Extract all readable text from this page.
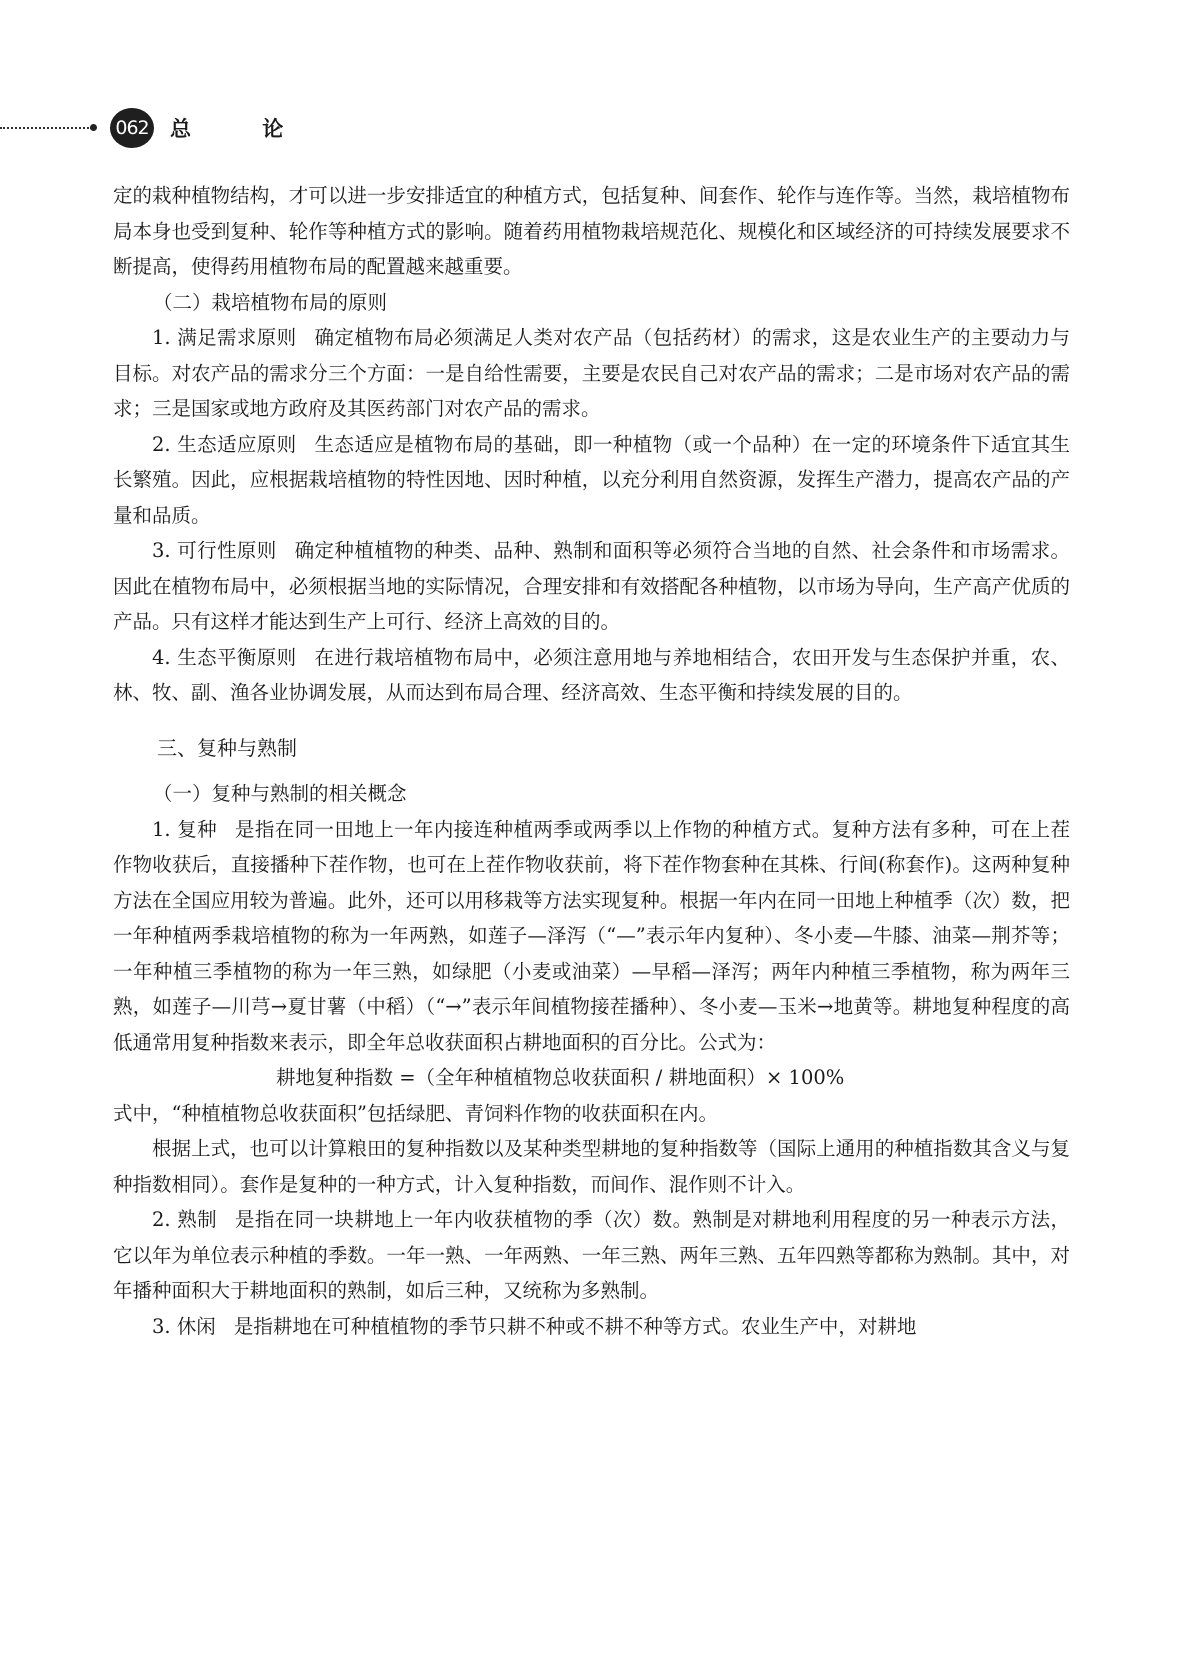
062 总 论

定的栽种植物结构，才可以进一步安排适宜的种植方式，包括复种、间套作、轮作与连作等。当然，栽培植物布局本身也受到复种、轮作等种植方式的影响。随着药用植物栽培规范化、规模化和区域经济的可持续发展要求不断提高，使得药用植物布局的配置越来越重要。

（二）栽培植物布局的原则

1. 满足需求原则 确定植物布局必须满足人类对农产品（包括药材）的需求，这是农业生产的主要动力与目标。对农产品的需求分三个方面：一是自给性需要，主要是农民自己对农产品的需求；二是市场对农产品的需求；三是国家或地方政府及其医药部门对农产品的需求。

2. 生态适应原则 生态适应是植物布局的基础，即一种植物（或一个品种）在一定的环境条件下适宜其生长繁殖。因此，应根据栽培植物的特性因地、因时种植，以充分利用自然资源，发挥生产潜力，提高农产品的产量和品质。

3. 可行性原则 确定种植植物的种类、品种、熟制和面积等必须符合当地的自然、社会条件和市场需求。因此在植物布局中，必须根据当地的实际情况，合理安排和有效搭配各种植物，以市场为导向，生产高产优质的产品。只有这样才能达到生产上可行、经济上高效的目的。

4. 生态平衡原则 在进行栽培植物布局中，必须注意用地与养地相结合，农田开发与生态保护并重，农、林、牧、副、渔各业协调发展，从而达到布局合理、经济高效、生态平衡和持续发展的目的。

三、复种与熟制
（一）复种与熟制的相关概念

1. 复种 是指在同一田地上一年内接连种植两季或两季以上作物的种植方式。复种方法有多种，可在上茬作物收获后，直接播种下茬作物，也可在上茬作物收获前，将下茬作物套种在其株、行间(称套作)。这两种复种方法在全国应用较为普遍。此外，还可以用移栽等方法实现复种。根据一年内在同一田地上种植季（次）数，把一年种植两季栽培植物的称为一年两熟，如莲子—泽泻（“—”表示年内复种）、冬小麦—牛膝、油菜—荆芥等；一年种植三季植物的称为一年三熟，如绿肥（小麦或油菜）—早稻—泽泻；两年内种植三季植物，称为两年三熟，如莲子—川芎→夏甘薯（中稻）（“→”表示年间植物接茬播种）、冬小麦—玉米→地黄等。耕地复种程度的高低通常用复种指数来表示，即全年总收获面积占耕地面积的百分比。公式为：

耕地复种指数 =（全年种植植物总收获面积 / 耕地面积）× 100%

式中，“种植植物总收获面积”包括绿肥、青饲料作物的收获面积在内。

根据上式，也可以计算粮田的复种指数以及某种类型耕地的复种指数等（国际上通用的种植指数其含义与复种指数相同）。套作是复种的一种方式，计入复种指数，而间作、混作则不计入。

2. 熟制 是指在同一块耕地上一年内收获植物的季（次）数。熟制是对耕地利用程度的另一种表示方法，它以年为单位表示种植的季数。一年一熟、一年两熟、一年三熟、两年三熟、五年四熟等都称为熟制。其中，对年播种面积大于耕地面积的熟制，如后三种，又统称为多熟制。

3. 休闲 是指耕地在可种植植物的季节只耕不种或不耕不种等方式。农业生产中，对耕地
